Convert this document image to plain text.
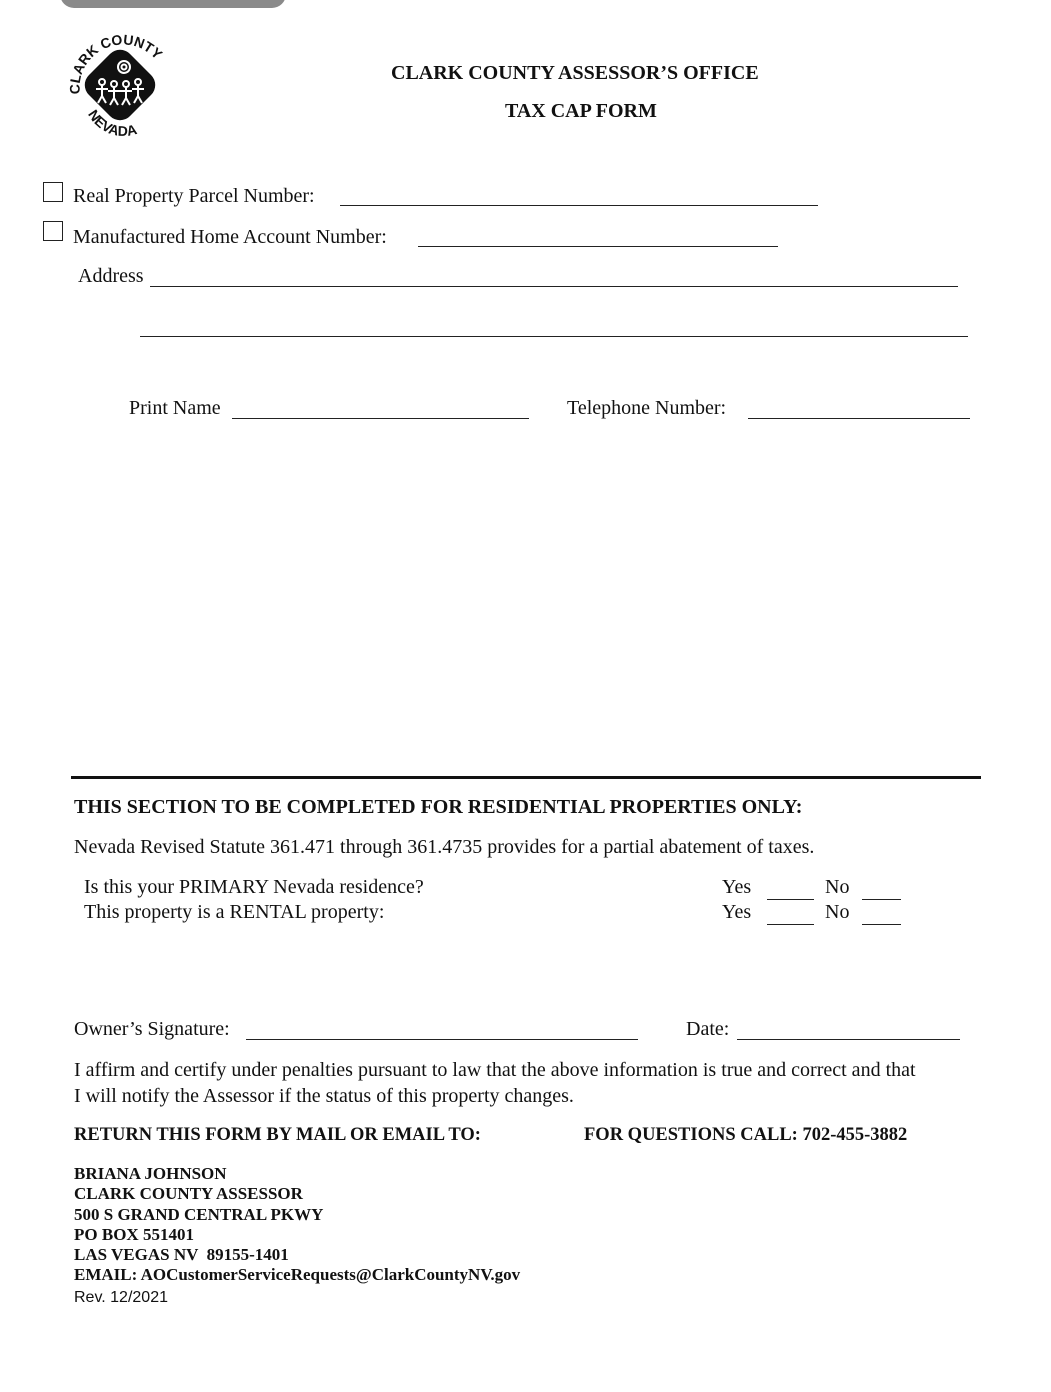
CLARK COUNTY
NEVADA
CLARK COUNTY ASSESSOR’S OFFICE
TAX CAP FORM
Real Property Parcel Number:
Manufactured Home Account Number:
Address
Print Name	Telephone Number:
THIS SECTION TO BE COMPLETED FOR RESIDENTIAL PROPERTIES ONLY:
Nevada Revised Statute 361.471 through 361.4735 provides for a partial abatement of taxes.
Is this your PRIMARY Nevada residence?	Yes	No
This property is a RENTAL property:	Yes	No
Owner’s Signature:	Date:
I affirm and certify under penalties pursuant to law that the above information is true and correct and that
I will notify the Assessor if the status of this property changes.
RETURN THIS FORM BY MAIL OR EMAIL TO:	FOR QUESTIONS CALL: 702-455-3882
BRIANA JOHNSON
CLARK COUNTY ASSESSOR
500 S GRAND CENTRAL PKWY
PO BOX 551401
LAS VEGAS NV  89155-1401
EMAIL: AOCustomerServiceRequests@ClarkCountyNV.gov
Rev. 12/2021
